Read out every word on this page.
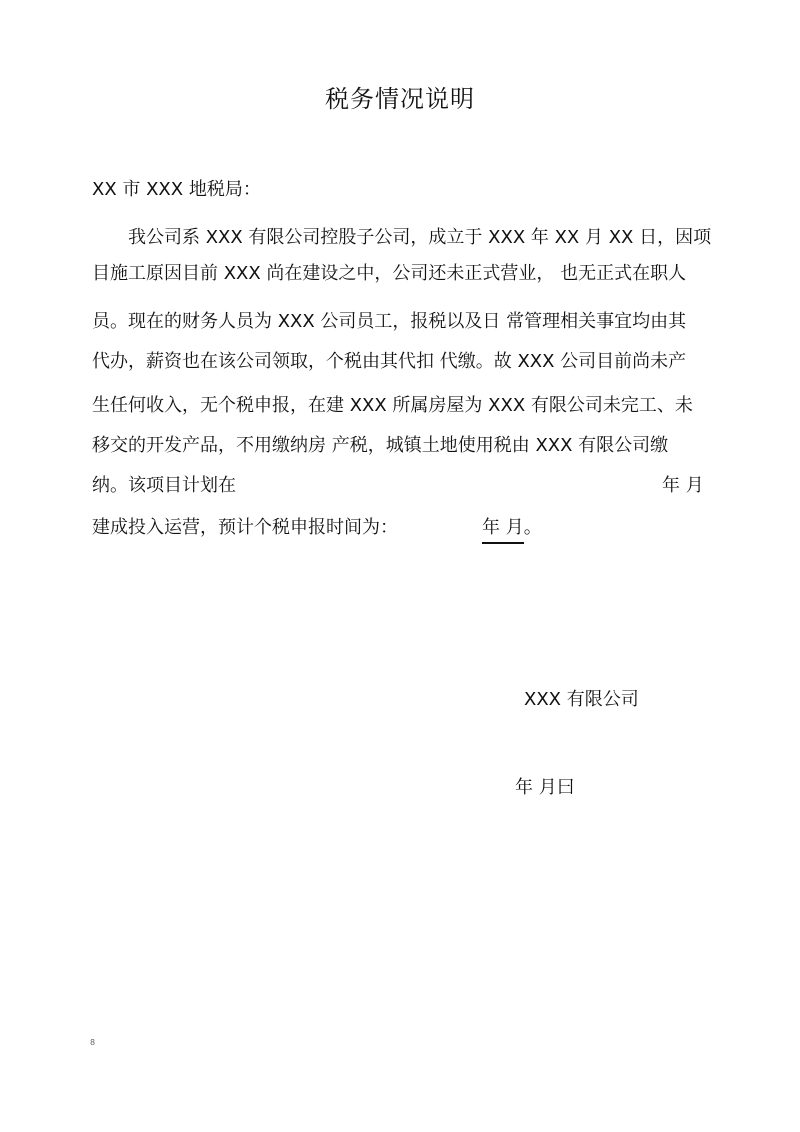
税务情况说明
XX 市 XXX 地税局：
我公司系 XXX 有限公司控股子公司，成立于 XXX 年 XX 月 XX 日，因项
目施工原因目前 XXX 尚在建设之中，公司还未正式营业， 也无正式在职人
员。现在的财务人员为 XXX 公司员工，报税以及日 常管理相关事宜均由其
代办，薪资也在该公司领取，个税由其代扣 代缴。故 XXX 公司目前尚未产
生任何收入，无个税申报，在建 XXX 所属房屋为 XXX 有限公司未完工、未
移交的开发产品，不用缴纳房 产税，城镇土地使用税由 XXX 有限公司缴
纳。该项目计划在	年 月
建成投入运营，预计个税申报时间为：	年 月。
XXX 有限公司
年 月曰
8
